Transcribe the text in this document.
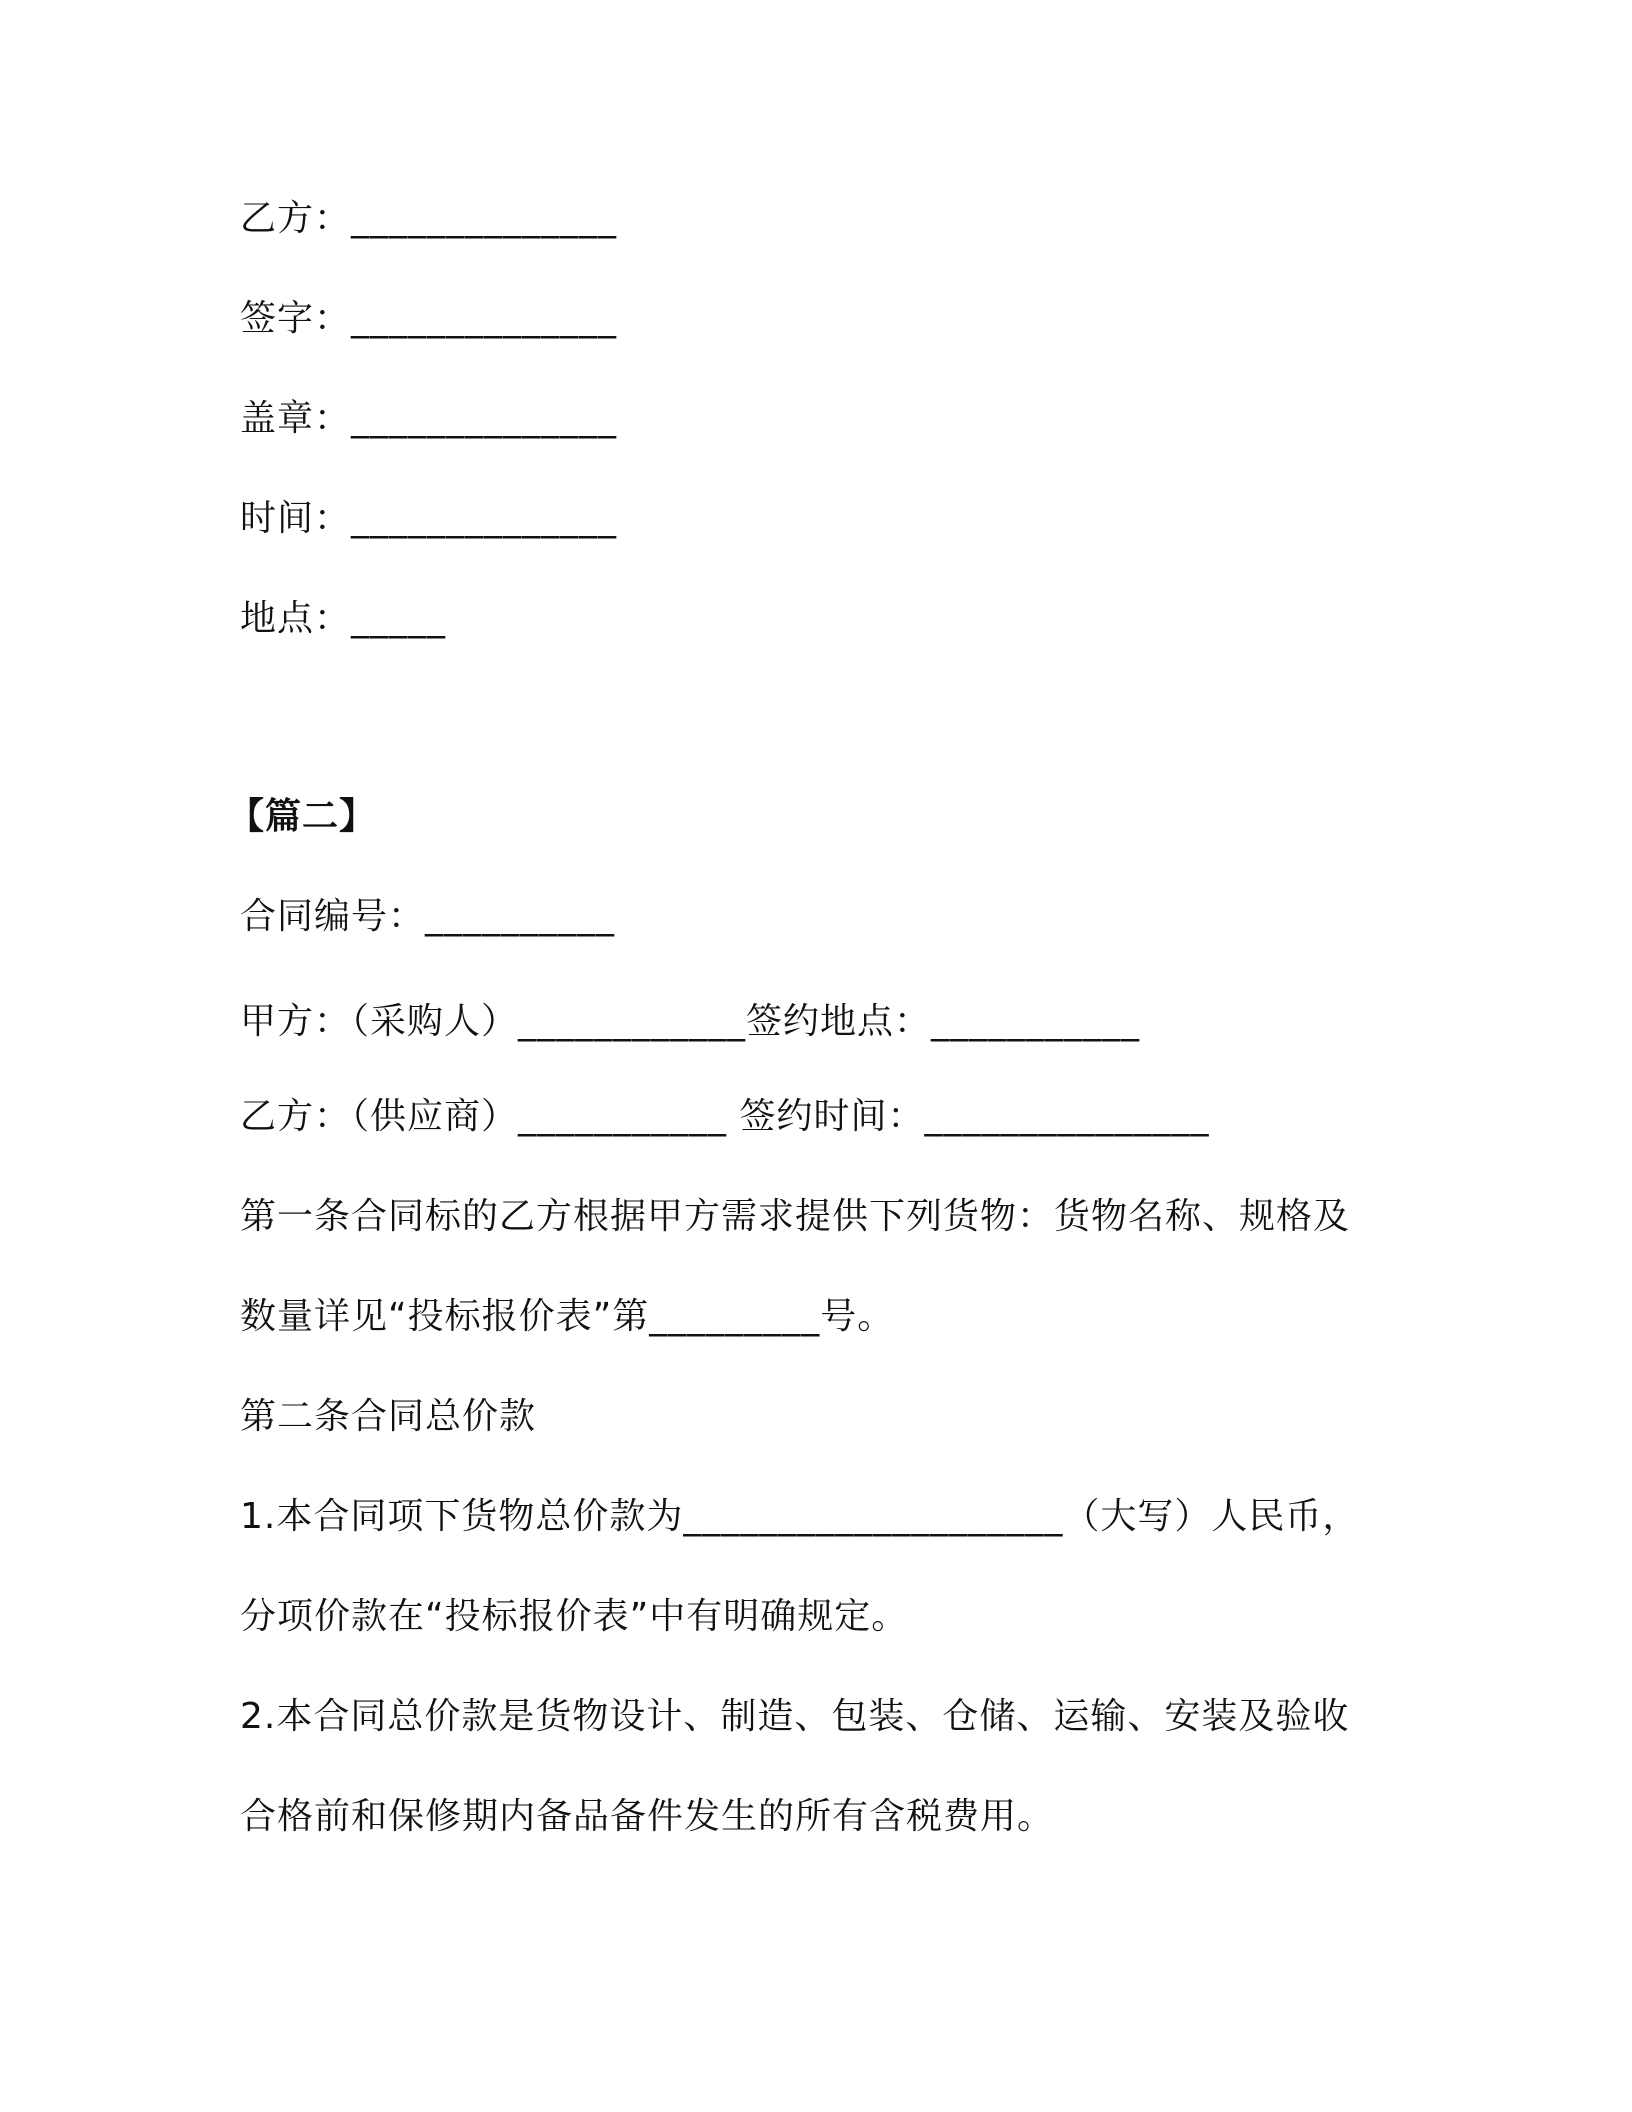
乙方：______________
签字：______________
盖章：______________
时间：______________
地点：_____
【篇二】
合同编号：__________
甲方：（采购人）____________签约地点：___________
乙方：（供应商）___________ 签约时间：_______________
第一条合同标的乙方根据甲方需求提供下列货物：货物名称、规格及
数量详见“投标报价表”第_________号。
第二条合同总价款
1.本合同项下货物总价款为____________________（大写）人民币，
分项价款在“投标报价表”中有明确规定。
2.本合同总价款是货物设计、制造、包装、仓储、运输、安装及验收
合格前和保修期内备品备件发生的所有含税费用。
